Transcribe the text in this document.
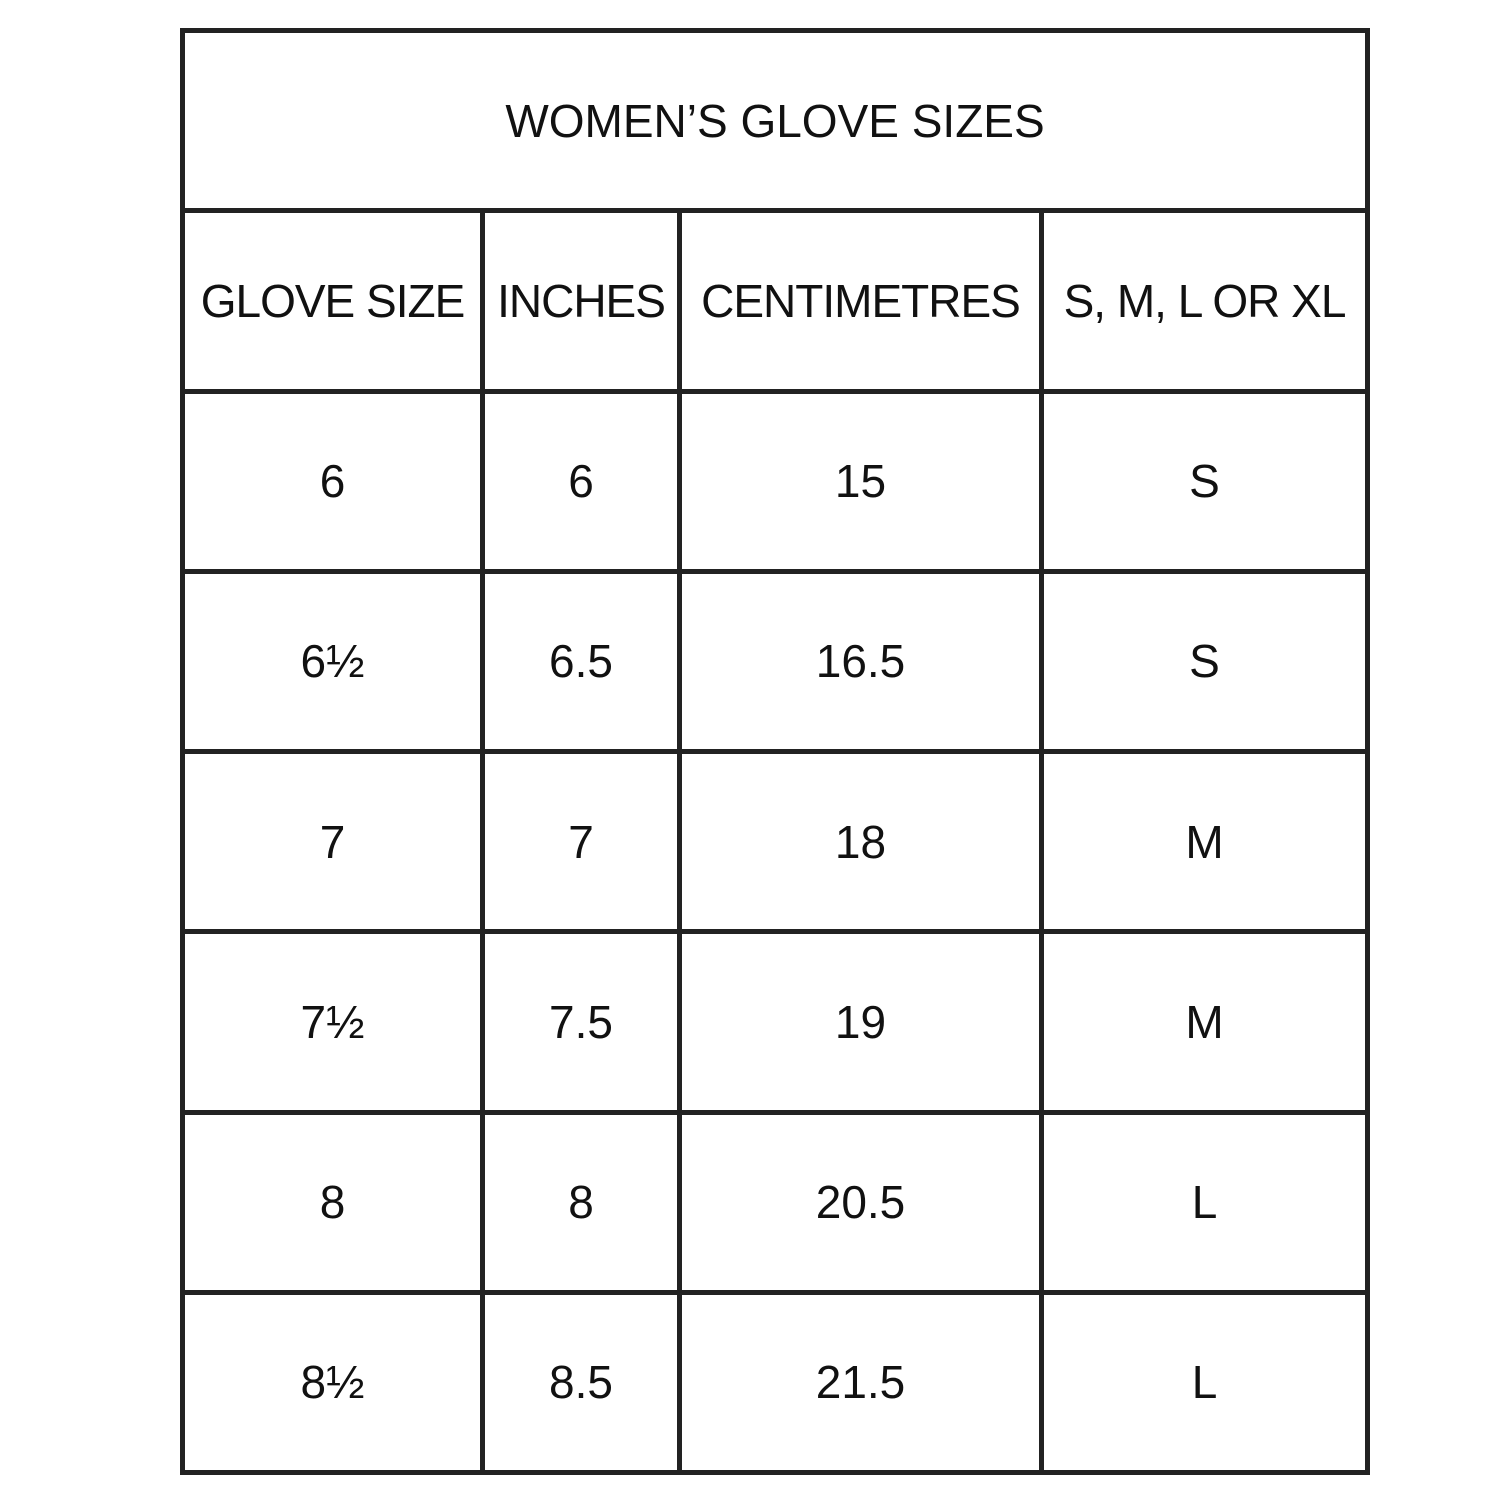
WOMEN’S GLOVE SIZES			
GLOVE SIZE	INCHES	CENTIMETRES	S, M, L OR XL
6	6	15	S
6½	6.5	16.5	S
7	7	18	M
7½	7.5	19	M
8	8	20.5	L
8½	8.5	21.5	L
